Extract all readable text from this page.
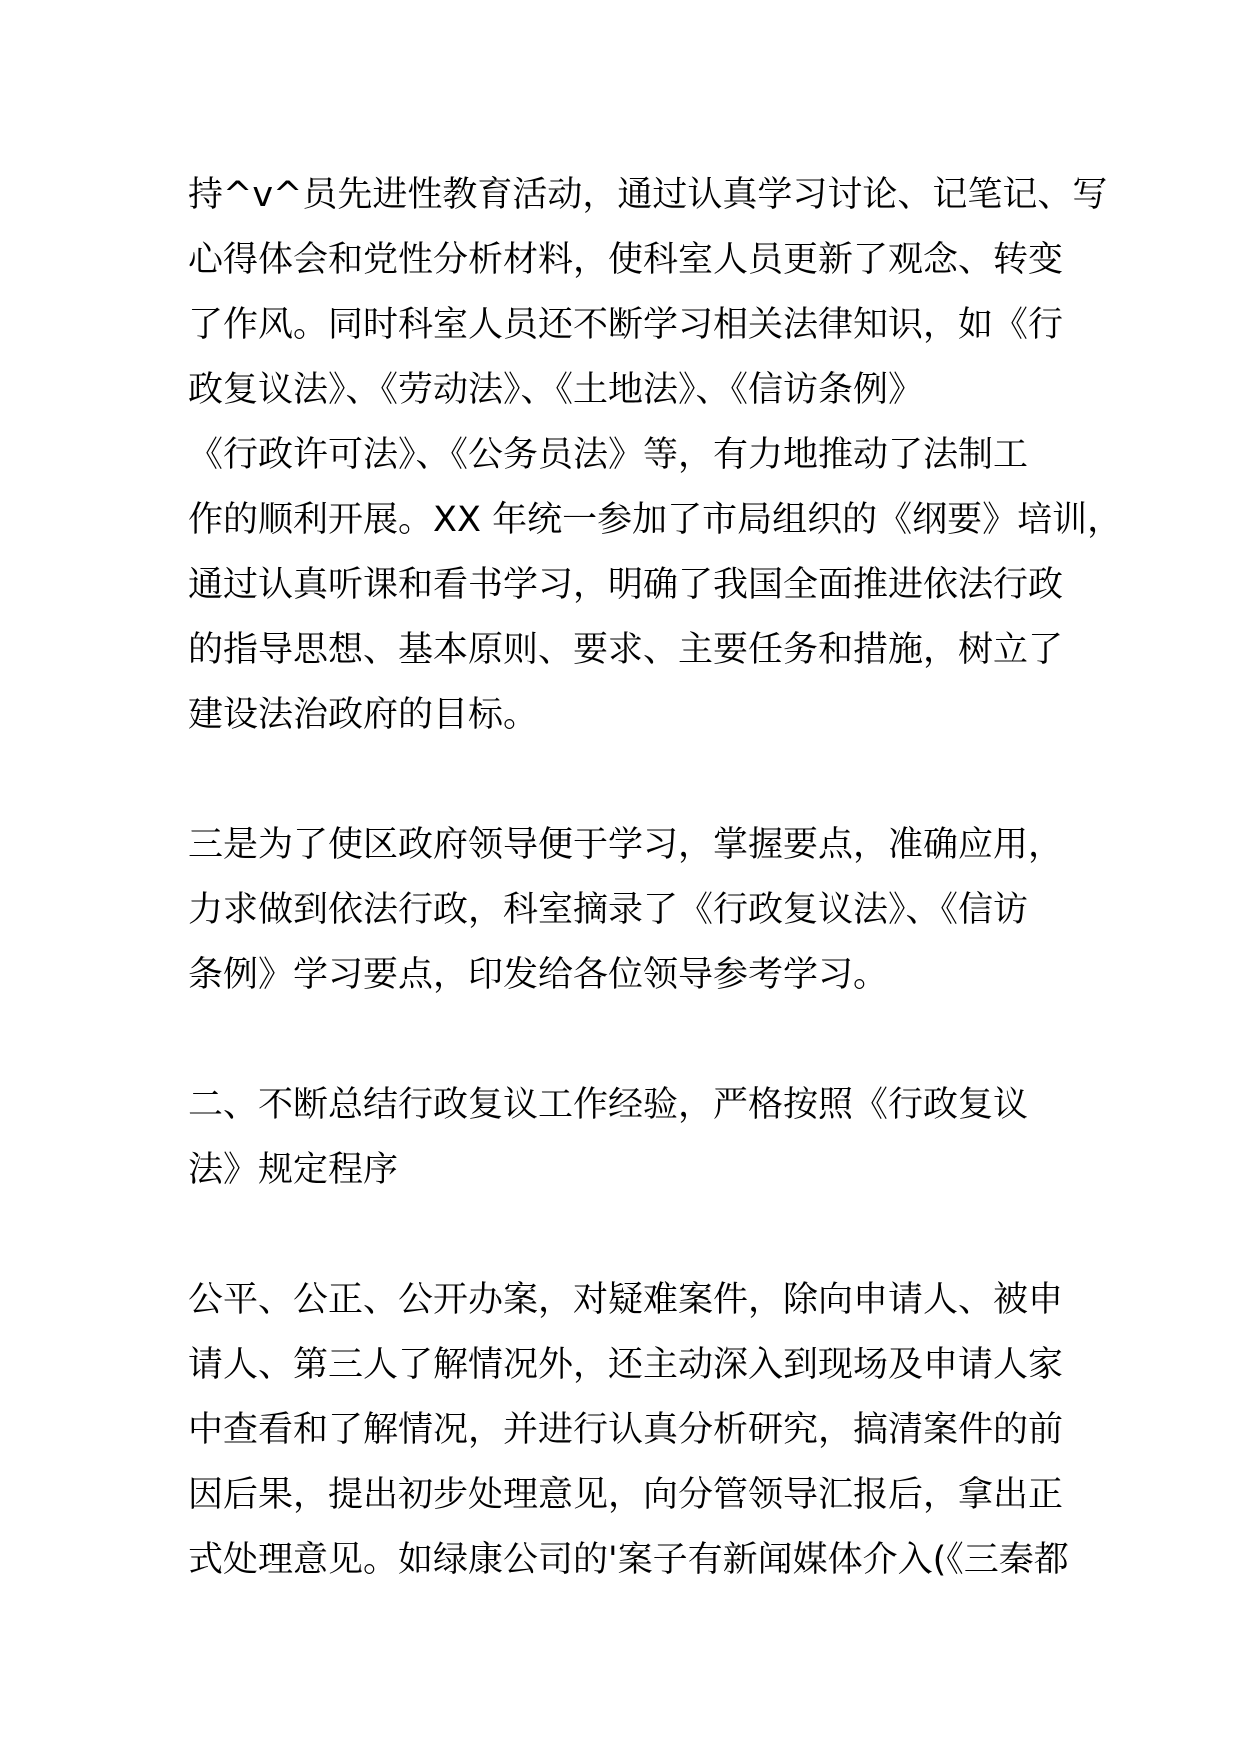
持^v^员先进性教育活动，通过认真学习讨论、记笔记、写
心得体会和党性分析材料，使科室人员更新了观念、转变
了作风。同时科室人员还不断学习相关法律知识，如《行
政复议法》、《劳动法》、《土地法》、《信访条例》
《行政许可法》、《公务员法》等，有力地推动了法制工
作的顺利开展。XX 年统一参加了市局组织的《纲要》培训，
通过认真听课和看书学习，明确了我国全面推进依法行政
的指导思想、基本原则、要求、主要任务和措施，树立了
建设法治政府的目标。
三是为了使区政府领导便于学习，掌握要点，准确应用，
力求做到依法行政，科室摘录了《行政复议法》、《信访
条例》学习要点，印发给各位领导参考学习。
二、不断总结行政复议工作经验，严格按照《行政复议
法》规定程序
公平、公正、公开办案，对疑难案件，除向申请人、被申
请人、第三人了解情况外，还主动深入到现场及申请人家
中查看和了解情况，并进行认真分析研究，搞清案件的前
因后果，提出初步处理意见，向分管领导汇报后，拿出正
式处理意见。如绿康公司的'案子有新闻媒体介入(《三秦都
